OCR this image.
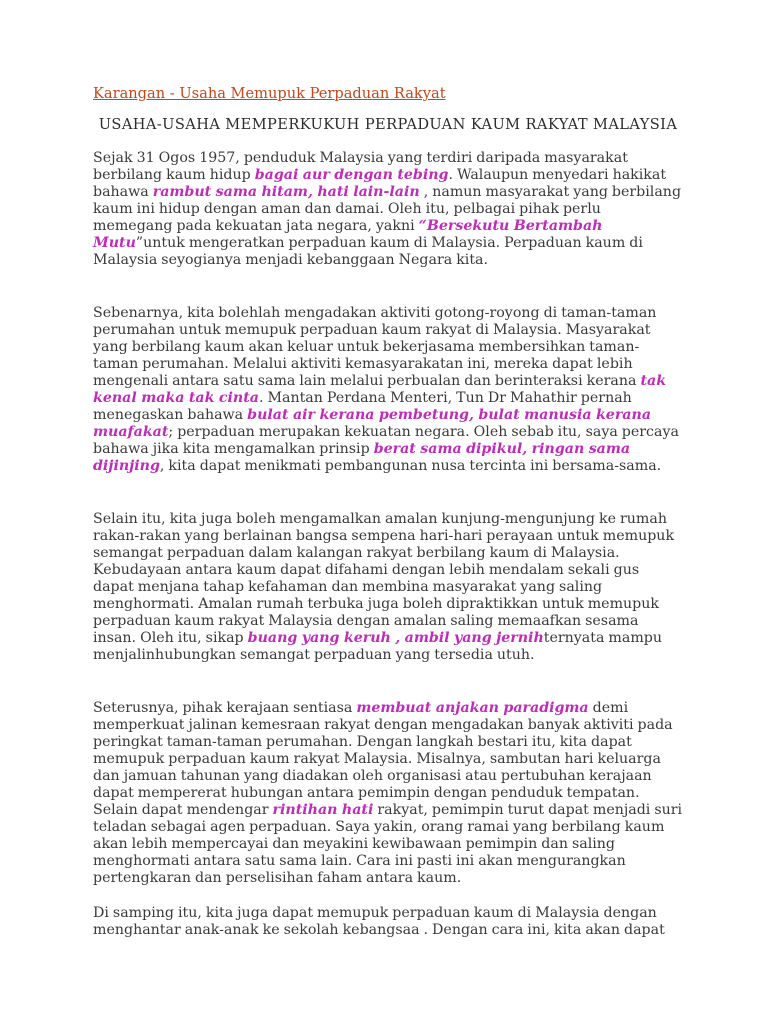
Karangan - Usaha Memupuk Perpaduan Rakyat
USAHA-USAHA MEMPERKUKUH PERPADUAN KAUM RAKYAT MALAYSIA

Sejak 31 Ogos 1957, penduduk Malaysia yang terdiri daripada masyarakat berbilang kaum hidup bagai aur dengan tebing. Walaupun menyedari hakikat bahawa rambut sama hitam, hati lain-lain , namun masyarakat yang berbilang kaum ini hidup dengan aman dan damai. Oleh itu, pelbagai pihak perlu memegang pada kekuatan jata negara, yakni “Bersekutu Bertambah Mutu”untuk mengeratkan perpaduan kaum di Malaysia. Perpaduan kaum di Malaysia seyogianya menjadi kebanggaan Negara kita.

Sebenarnya, kita bolehlah mengadakan aktiviti gotong-royong di taman-taman perumahan untuk memupuk perpaduan kaum rakyat di Malaysia. Masyarakat yang berbilang kaum akan keluar untuk bekerjasama membersihkan taman-taman perumahan. Melalui aktiviti kemasyarakatan ini, mereka dapat lebih mengenali antara satu sama lain melalui perbualan dan berinteraksi kerana tak kenal maka tak cinta. Mantan Perdana Menteri, Tun Dr Mahathir pernah menegaskan bahawa bulat air kerana pembetung, bulat manusia kerana muafakat; perpaduan merupakan kekuatan negara. Oleh sebab itu, saya percaya bahawa jika kita mengamalkan prinsip berat sama dipikul, ringan sama dijinjing, kita dapat menikmati pembangunan nusa tercinta ini bersama-sama.

Selain itu, kita juga boleh mengamalkan amalan kunjung-mengunjung ke rumah rakan-rakan yang berlainan bangsa sempena hari-hari perayaan untuk memupuk semangat perpaduan dalam kalangan rakyat berbilang kaum di Malaysia. Kebudayaan antara kaum dapat difahami dengan lebih mendalam sekali gus dapat menjana tahap kefahaman dan membina masyarakat yang saling menghormati. Amalan rumah terbuka juga boleh dipraktikkan untuk memupuk perpaduan kaum rakyat Malaysia dengan amalan saling memaafkan sesama insan. Oleh itu, sikap buang yang keruh , ambil yang jernihternyata mampu menjalinhubungkan semangat perpaduan yang tersedia utuh.

Seterusnya, pihak kerajaan sentiasa membuat anjakan paradigma demi memperkuat jalinan kemesraan rakyat dengan mengadakan banyak aktiviti pada peringkat taman-taman perumahan. Dengan langkah bestari itu, kita dapat memupuk perpaduan kaum rakyat Malaysia. Misalnya, sambutan hari keluarga dan jamuan tahunan yang diadakan oleh organisasi atau pertubuhan kerajaan dapat mempererat hubungan antara pemimpin dengan penduduk tempatan. Selain dapat mendengar rintihan hati rakyat, pemimpin turut dapat menjadi suri teladan sebagai agen perpaduan. Saya yakin, orang ramai yang berbilang kaum akan lebih mempercayai dan meyakini kewibawaan pemimpin dan saling menghormati antara satu sama lain. Cara ini pasti ini akan mengurangkan pertengkaran dan perselisihan faham antara kaum.

Di samping itu, kita juga dapat memupuk perpaduan kaum di Malaysia dengan menghantar anak-anak ke sekolah kebangsaa . Dengan cara ini, kita akan dapat
